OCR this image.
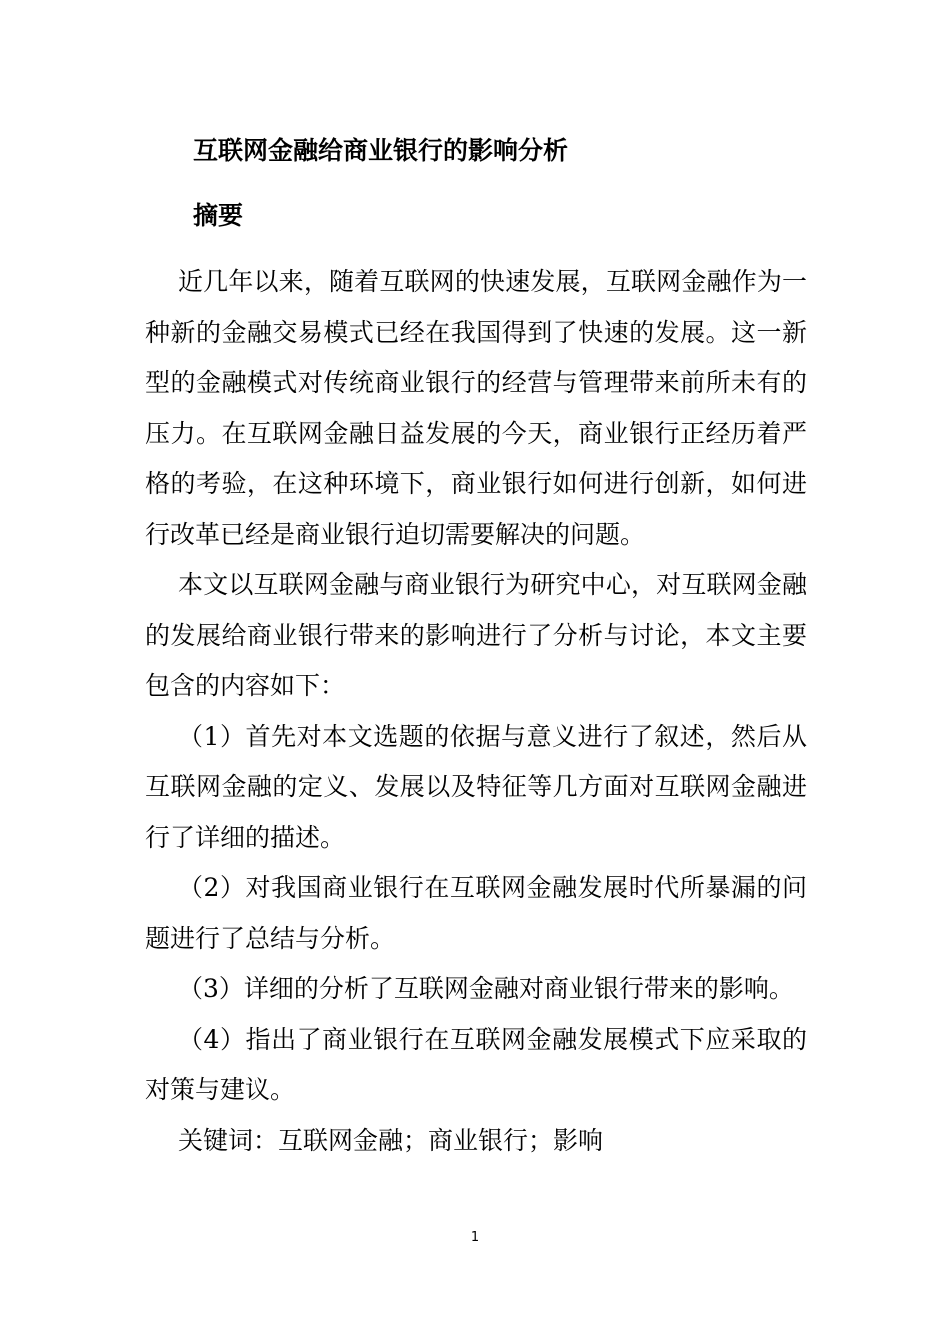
互联网金融给商业银行的影响分析
摘要

近几年以来，随着互联网的快速发展，互联网金融作为一种新的金融交易模式已经在我国得到了快速的发展。这一新型的金融模式对传统商业银行的经营与管理带来前所未有的压力。在互联网金融日益发展的今天，商业银行正经历着严格的考验，在这种环境下，商业银行如何进行创新，如何进行改革已经是商业银行迫切需要解决的问题。

本文以互联网金融与商业银行为研究中心，对互联网金融的发展给商业银行带来的影响进行了分析与讨论，本文主要包含的内容如下：

（1）首先对本文选题的依据与意义进行了叙述，然后从互联网金融的定义、发展以及特征等几方面对互联网金融进行了详细的描述。

（2）对我国商业银行在互联网金融发展时代所暴漏的问题进行了总结与分析。

（3）详细的分析了互联网金融对商业银行带来的影响。

（4）指出了商业银行在互联网金融发展模式下应采取的对策与建议。

关键词：互联网金融；商业银行；影响

1
